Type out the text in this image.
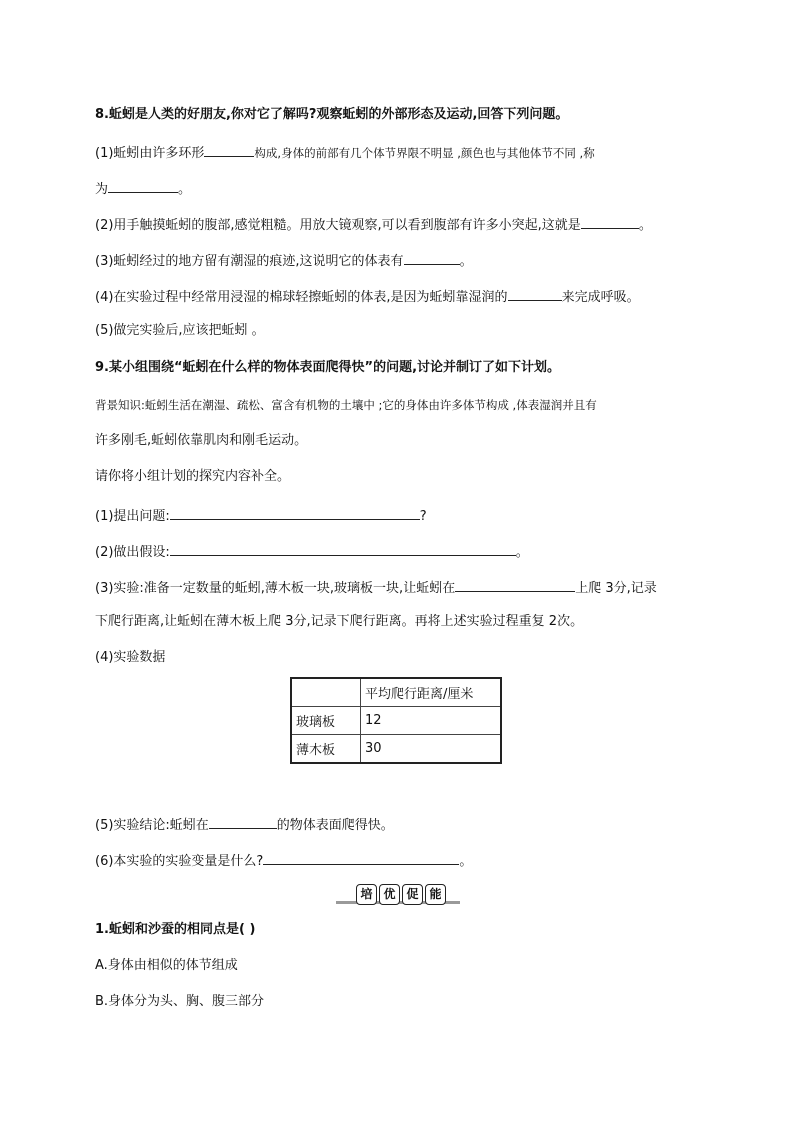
8.蚯蚓是人类的好朋友,你对它了解吗?观察蚯蚓的外部形态及运动,回答下列问题。
(1)蚯蚓由许多环形	构成,身体的前部有几个体节界限不明显 ,颜色也与其他体节不同 ,称
为	。
(2)用手触摸蚯蚓的腹部,感觉粗糙。用放大镜观察,可以看到腹部有许多小突起,这就是	。
(3)蚯蚓经过的地方留有潮湿的痕迹,这说明它的体表有	。
(4)在实验过程中经常用浸湿的棉球轻擦蚯蚓的体表,是因为蚯蚓靠湿润的	来完成呼吸。
(5)做完实验后,应该把蚯蚓 。
9.某小组围绕“蚯蚓在什么样的物体表面爬得快”的问题,讨论并制订了如下计划。
背景知识:蚯蚓生活在潮湿、疏松、富含有机物的土壤中 ;它的身体由许多体节构成 ,体表湿润并且有
许多刚毛,蚯蚓依靠肌肉和刚毛运动。
请你将小组计划的探究内容补全。
(1)提出问题:	?
(2)做出假设:	。
(3)实验:准备一定数量的蚯蚓,薄木板一块,玻璃板一块,让蚯蚓在	上爬 3分,记录
下爬行距离,让蚯蚓在薄木板上爬 3分,记录下爬行距离。再将上述实验过程重复 2次。
(4)实验数据
	平均爬行距离/厘米
玻璃板	12
薄木板	30
(5)实验结论:蚯蚓在	的物体表面爬得快。
(6)本实验的实验变量是什么?	。
培 优 促 能
1.蚯蚓和沙蚕的相同点是( )
A.身体由相似的体节组成
B.身体分为头、胸、腹三部分
